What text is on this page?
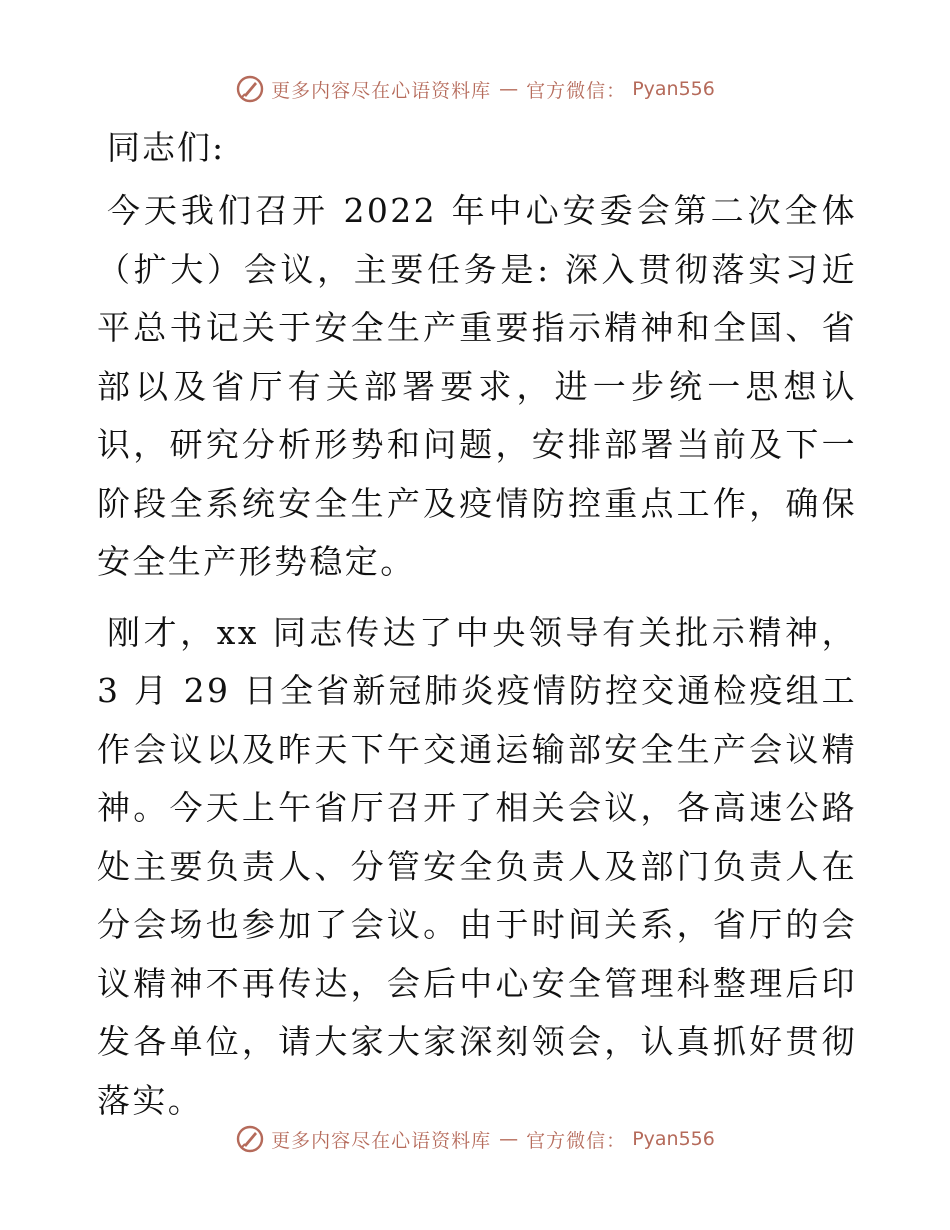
更多内容尽在心语资料库 — 官方微信： Pyan556
同志们:

今天我们召开 2022 年中心安委会第二次全体（扩大）会议，主要任务是: 深入贯彻落实习近平总书记关于安全生产重要指示精神和全国、省部以及省厅有关部署要求，进一步统一思想认识，研究分析形势和问题，安排部署当前及下一阶段全系统安全生产及疫情防控重点工作，确保安全生产形势稳定。

刚才，xx 同志传达了中央领导有关批示精神，3 月 29 日全省新冠肺炎疫情防控交通检疫组工作会议以及昨天下午交通运输部安全生产会议精神。今天上午省厅召开了相关会议，各高速公路处主要负责人、分管安全负责人及部门负责人在分会场也参加了会议。由于时间关系，省厅的会议精神不再传达，会后中心安全管理科整理后印发各单位，请大家大家深刻领会，认真抓好贯彻落实。

更多内容尽在心语资料库 — 官方微信： Pyan556
